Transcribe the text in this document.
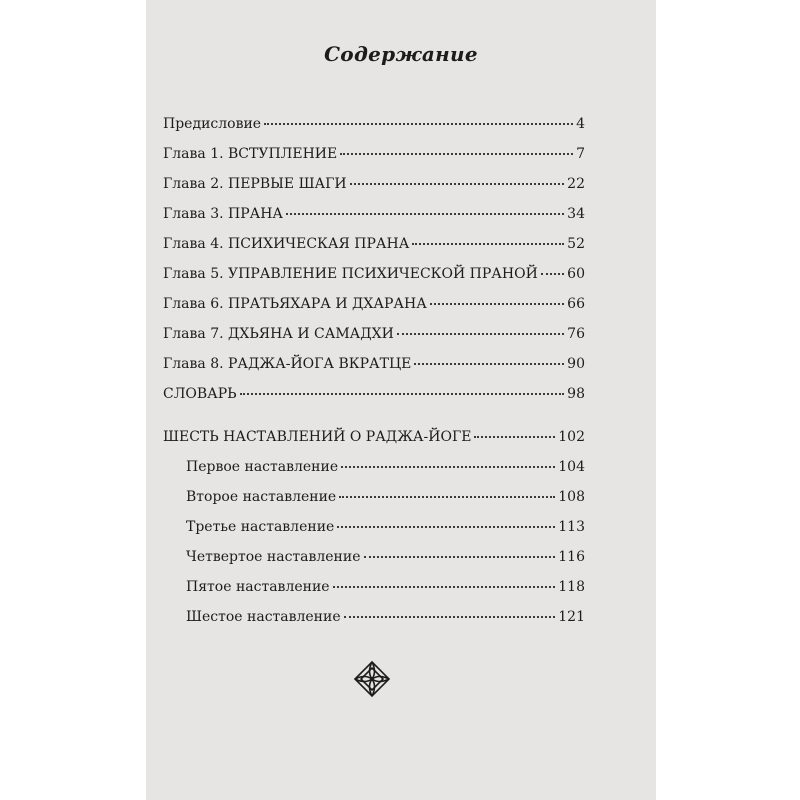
Содержание
Предисловие	4
Глава 1. ВСТУПЛЕНИЕ	7
Глава 2. ПЕРВЫЕ ШАГИ	22
Глава 3. ПРАНА	34
Глава 4. ПСИХИЧЕСКАЯ ПРАНА	52
Глава 5. УПРАВЛЕНИЕ ПСИХИЧЕСКОЙ ПРАНОЙ 60
Глава 6. ПРАТЬЯХАРА И ДХАРАНА	66
Глава 7. ДХЬЯНА И САМАДХИ	76
Глава 8. РАДЖА-ЙОГА ВКРАТЦЕ	90
СЛОВАРЬ	98
ШЕСТЬ НАСТАВЛЕНИЙ О РАДЖА-ЙОГЕ	102
Первое наставление	104
Второе наставление	108
Третье наставление	113
Четвертое наставление	116
Пятое наставление	118
Шестое наставление	121
